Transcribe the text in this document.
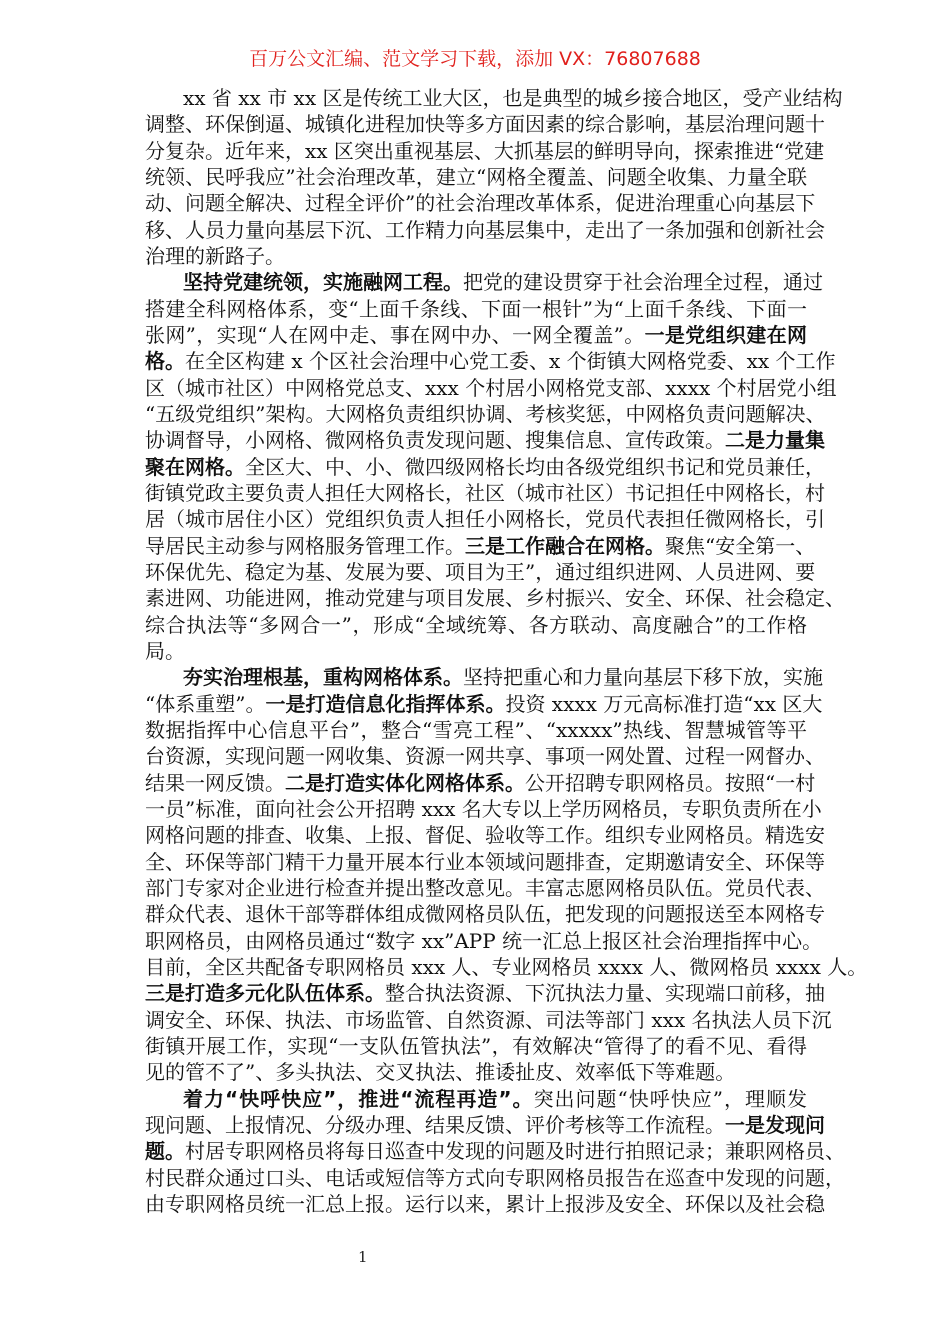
百万公文汇编、范文学习下载，添加 VX：76807688
xx 省 xx 市 xx 区是传统工业大区，也是典型的城乡接合地区，受产业结构
调整、环保倒逼、城镇化进程加快等多方面因素的综合影响，基层治理问题十
分复杂。近年来，xx 区突出重视基层、大抓基层的鲜明导向，探索推进“党建
统领、民呼我应”社会治理改革，建立“网格全覆盖、问题全收集、力量全联
动、问题全解决、过程全评价”的社会治理改革体系，促进治理重心向基层下
移、人员力量向基层下沉、工作精力向基层集中，走出了一条加强和创新社会
治理的新路子。
坚持党建统领，实施融网工程。把党的建设贯穿于社会治理全过程，通过
搭建全科网格体系，变“上面千条线、下面一根针”为“上面千条线、下面一
张网”，实现“人在网中走、事在网中办、一网全覆盖”。一是党组织建在网
格。在全区构建 x 个区社会治理中心党工委、x 个街镇大网格党委、xx 个工作
区（城市社区）中网格党总支、xxx 个村居小网格党支部、xxxx 个村居党小组
“五级党组织”架构。大网格负责组织协调、考核奖惩，中网格负责问题解决、
协调督导，小网格、微网格负责发现问题、搜集信息、宣传政策。二是力量集
聚在网格。全区大、中、小、微四级网格长均由各级党组织书记和党员兼任，
街镇党政主要负责人担任大网格长，社区（城市社区）书记担任中网格长，村
居（城市居住小区）党组织负责人担任小网格长，党员代表担任微网格长，引
导居民主动参与网格服务管理工作。三是工作融合在网格。聚焦“安全第一、
环保优先、稳定为基、发展为要、项目为王”，通过组织进网、人员进网、要
素进网、功能进网，推动党建与项目发展、乡村振兴、安全、环保、社会稳定、
综合执法等“多网合一”，形成“全域统筹、各方联动、高度融合”的工作格
局。
夯实治理根基，重构网格体系。坚持把重心和力量向基层下移下放，实施
“体系重塑”。一是打造信息化指挥体系。投资 xxxx 万元高标准打造“xx 区大
数据指挥中心信息平台”，整合“雪亮工程”、“xxxxx”热线、智慧城管等平
台资源，实现问题一网收集、资源一网共享、事项一网处置、过程一网督办、
结果一网反馈。二是打造实体化网格体系。公开招聘专职网格员。按照“一村
一员”标准，面向社会公开招聘 xxx 名大专以上学历网格员，专职负责所在小
网格问题的排查、收集、上报、督促、验收等工作。组织专业网格员。精选安
全、环保等部门精干力量开展本行业本领域问题排查，定期邀请安全、环保等
部门专家对企业进行检查并提出整改意见。丰富志愿网格员队伍。党员代表、
群众代表、退休干部等群体组成微网格员队伍，把发现的问题报送至本网格专
职网格员，由网格员通过“数字 xx”APP 统一汇总上报区社会治理指挥中心。
目前，全区共配备专职网格员 xxx 人、专业网格员 xxxx 人、微网格员 xxxx 人。
三是打造多元化队伍体系。整合执法资源、下沉执法力量、实现端口前移，抽
调安全、环保、执法、市场监管、自然资源、司法等部门 xxx 名执法人员下沉
街镇开展工作，实现“一支队伍管执法”，有效解决“管得了的看不见、看得
见的管不了”、多头执法、交叉执法、推诿扯皮、效率低下等难题。
着力“快呼快应”，推进“流程再造”。突出问题“快呼快应”，理顺发
现问题、上报情况、分级办理、结果反馈、评价考核等工作流程。一是发现问
题。村居专职网格员将每日巡查中发现的问题及时进行拍照记录；兼职网格员、
村民群众通过口头、电话或短信等方式向专职网格员报告在巡查中发现的问题，
由专职网格员统一汇总上报。运行以来，累计上报涉及安全、环保以及社会稳
1
